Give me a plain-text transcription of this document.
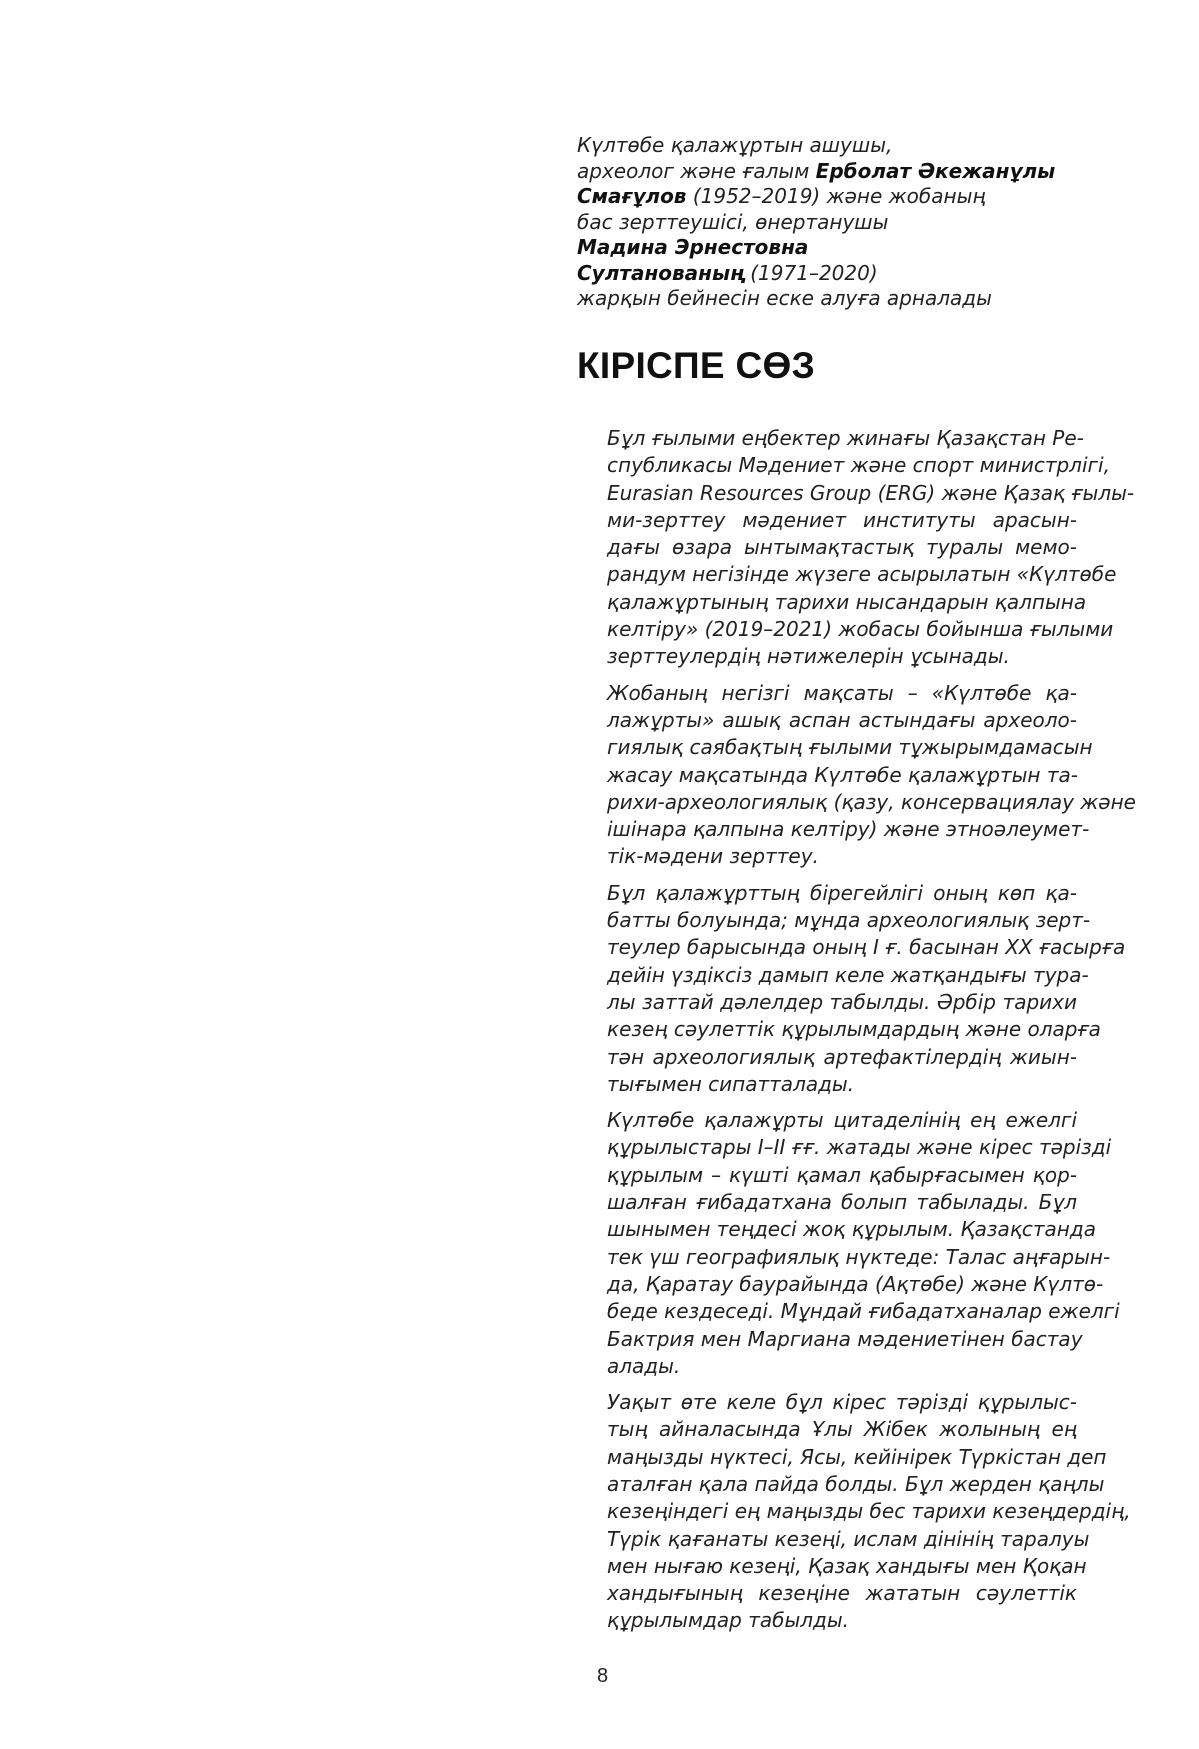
Күлтөбе қалажұртын ашушы,
археолог және ғалым Ерболат Әкежанұлы
Смағұлов (1952–2019) және жобаның
бас зерттеушісі, өнертанушы
Мадина Эрнестовна
Султанованың (1971–2020)
жарқын бейнесін еске алуға арналады
КІРІСПЕ СӨЗ
Бұл ғылыми еңбектер жинағы Қазақстан Ре-
спубликасы Мәдениет және спорт министрлігі,
Eurasian Resources Group (ERG) және Қазақ ғылы-
ми-зерттеу мәдениет институты арасын-
дағы өзара ынтымақтастық туралы мемо-
рандум негізінде жүзеге асырылатын «Күлтөбе
қалажұртының тарихи нысандарын қалпына
келтіру» (2019–2021) жобасы бойынша ғылыми
зерттеулердің нәтижелерін ұсынады.
Жобаның негізгі мақсаты – «Күлтөбе қа-
лажұрты» ашық аспан астындағы археоло-
гиялық саябақтың ғылыми тұжырымдамасын
жасау мақсатында Күлтөбе қалажұртын та-
рихи-археологиялық (қазу, консервациялау және
ішінара қалпына келтіру) және этноәлеумет-
тік-мәдени зерттеу.
Бұл қалажұрттың бірегейлігі оның көп қа-
батты болуында; мұнда археологиялық зерт-
теулер барысында оның I ғ. басынан XX ғасырға
дейін үздіксіз дамып келе жатқандығы тура-
лы заттай дәлелдер табылды. Әрбір тарихи
кезең сәулеттік құрылымдардың және оларға
тән археологиялық артефактілердің жиын-
тығымен сипатталады.
Күлтөбе қалажұрты цитаделінің ең ежелгі
құрылыстары I–II ғғ. жатады және кірес тәрізді
құрылым – күшті қамал қабырғасымен қор-
шалған ғибадатхана болып табылады. Бұл
шынымен теңдесі жоқ құрылым. Қазақстанда
тек үш географиялық нүктеде: Талас аңғарын-
да, Қаратау баурайында (Ақтөбе) және Күлтө-
беде кездеседі. Мұндай ғибадатханалар ежелгі
Бактрия мен Маргиана мәдениетінен бастау
алады.
Уақыт өте келе бұл кірес тәрізді құрылыс-
тың айналасында Ұлы Жібек жолының ең
маңызды нүктесі, Ясы, кейінірек Түркістан деп
аталған қала пайда болды. Бұл жерден қаңлы
кезеңіндегі ең маңызды бес тарихи кезеңдердің,
Түрік қағанаты кезеңі, ислам дінінің таралуы
мен нығаю кезеңі, Қазақ хандығы мен Қоқан
хандығының кезеңіне жататын сәулеттік
құрылымдар табылды.
8
